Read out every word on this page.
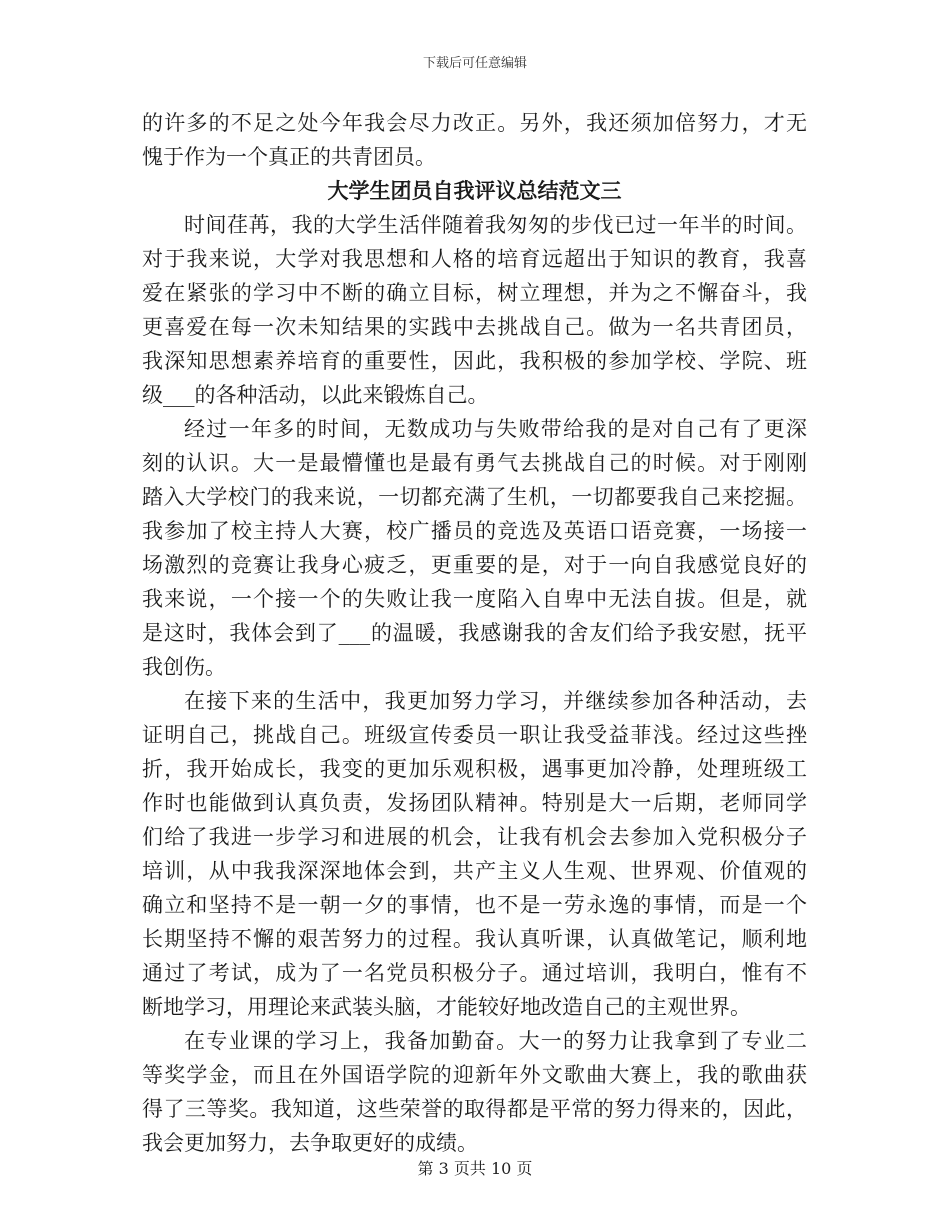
下载后可任意编辑
的许多的不足之处今年我会尽力改正。另外，我还须加倍努力，才无
愧于作为一个真正的共青团员。
大学生团员自我评议总结范文三
时间荏苒，我的大学生活伴随着我匆匆的步伐已过一年半的时间。
对于我来说，大学对我思想和人格的培育远超出于知识的教育，我喜
爱在紧张的学习中不断的确立目标，树立理想，并为之不懈奋斗，我
更喜爱在每一次未知结果的实践中去挑战自己。做为一名共青团员，
我深知思想素养培育的重要性，因此，我积极的参加学校、学院、班
级___的各种活动，以此来锻炼自己。
经过一年多的时间，无数成功与失败带给我的是对自己有了更深
刻的认识。大一是最懵懂也是最有勇气去挑战自己的时候。对于刚刚
踏入大学校门的我来说，一切都充满了生机，一切都要我自己来挖掘。
我参加了校主持人大赛，校广播员的竞选及英语口语竞赛，一场接一
场激烈的竞赛让我身心疲乏，更重要的是，对于一向自我感觉良好的
我来说，一个接一个的失败让我一度陷入自卑中无法自拔。但是，就
是这时，我体会到了___的温暖，我感谢我的舍友们给予我安慰，抚平
我创伤。
在接下来的生活中，我更加努力学习，并继续参加各种活动，去
证明自己，挑战自己。班级宣传委员一职让我受益菲浅。经过这些挫
折，我开始成长，我变的更加乐观积极，遇事更加冷静，处理班级工
作时也能做到认真负责，发扬团队精神。特别是大一后期，老师同学
们给了我进一步学习和进展的机会，让我有机会去参加入党积极分子
培训，从中我我深深地体会到，共产主义人生观、世界观、价值观的
确立和坚持不是一朝一夕的事情，也不是一劳永逸的事情，而是一个
长期坚持不懈的艰苦努力的过程。我认真听课，认真做笔记，顺利地
通过了考试，成为了一名党员积极分子。通过培训，我明白，惟有不
断地学习，用理论来武装头脑，才能较好地改造自己的主观世界。
在专业课的学习上，我备加勤奋。大一的努力让我拿到了专业二
等奖学金，而且在外国语学院的迎新年外文歌曲大赛上，我的歌曲获
得了三等奖。我知道，这些荣誉的取得都是平常的努力得来的，因此，
我会更加努力，去争取更好的成绩。
第 3 页共 10 页
